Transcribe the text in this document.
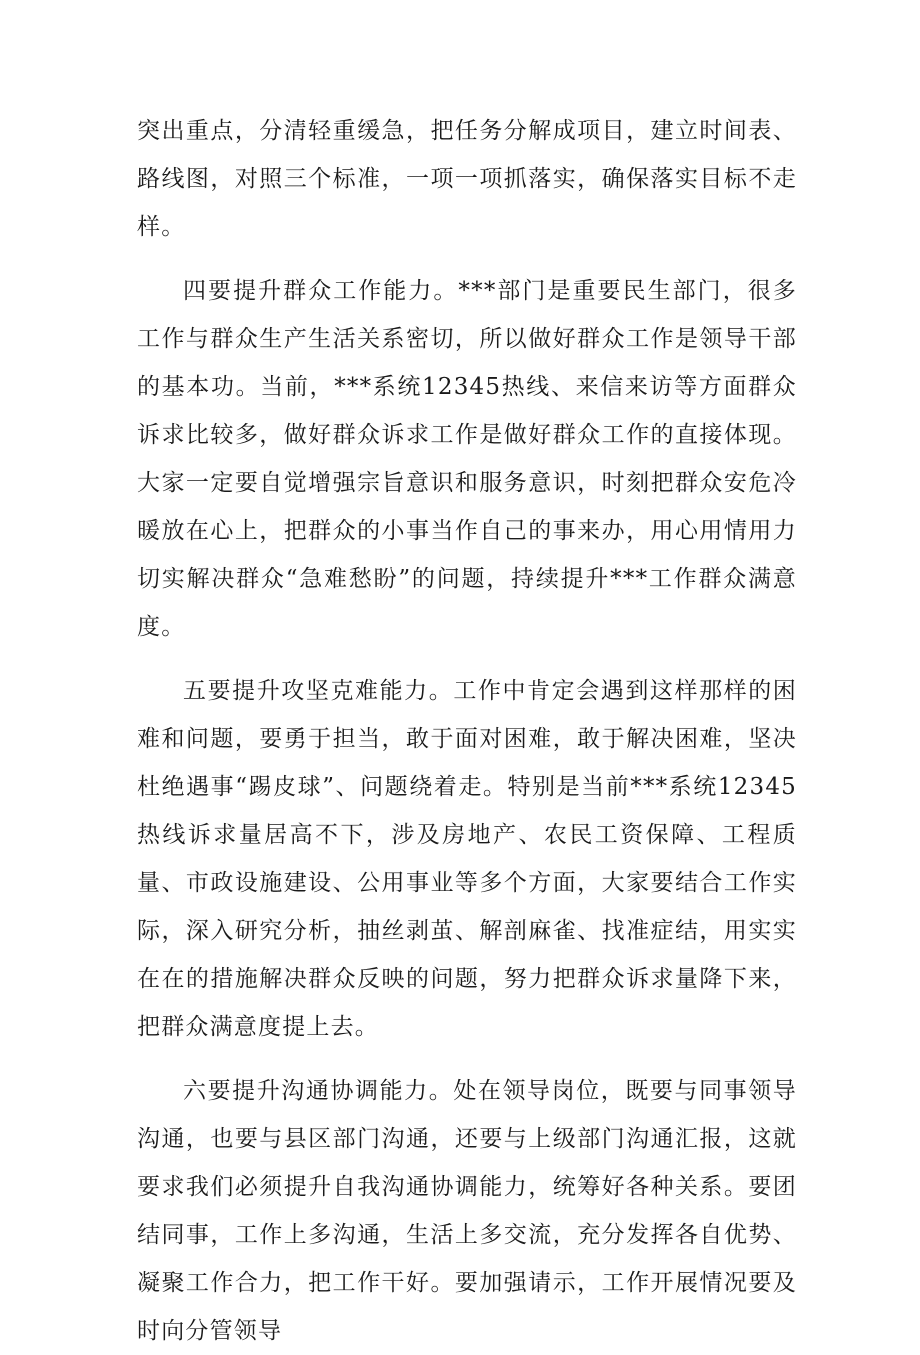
突出重点，分清轻重缓急，把任务分解成项目，建立时间表、路线图，对照三个标准，一项一项抓落实，确保落实目标不走样。

四要提升群众工作能力。***部门是重要民生部门，很多工作与群众生产生活关系密切，所以做好群众工作是领导干部的基本功。当前，***系统12345热线、来信来访等方面群众诉求比较多，做好群众诉求工作是做好群众工作的直接体现。大家一定要自觉增强宗旨意识和服务意识，时刻把群众安危冷暖放在心上，把群众的小事当作自己的事来办，用心用情用力切实解决群众“急难愁盼”的问题，持续提升***工作群众满意度。

五要提升攻坚克难能力。工作中肯定会遇到这样那样的困难和问题，要勇于担当，敢于面对困难，敢于解决困难，坚决杜绝遇事“踢皮球”、问题绕着走。特别是当前***系统12345热线诉求量居高不下，涉及房地产、农民工资保障、工程质量、市政设施建设、公用事业等多个方面，大家要结合工作实际，深入研究分析，抽丝剥茧、解剖麻雀、找准症结，用实实在在的措施解决群众反映的问题，努力把群众诉求量降下来，把群众满意度提上去。

六要提升沟通协调能力。处在领导岗位，既要与同事领导沟通，也要与县区部门沟通，还要与上级部门沟通汇报，这就要求我们必须提升自我沟通协调能力，统筹好各种关系。要团结同事，工作上多沟通，生活上多交流，充分发挥各自优势、凝聚工作合力，把工作干好。要加强请示，工作开展情况要及时向分管领导
